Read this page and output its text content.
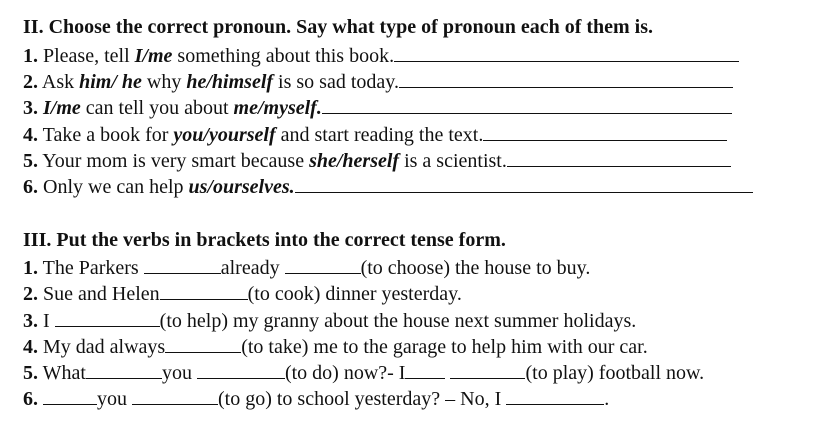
II. Choose the correct pronoun. Say what type of pronoun each of them is.
1. Please, tell I/me something about this book.
2. Ask him/ he why he/himself is so sad today.
3. I/me can tell you about me/myself.
4. Take a book for you/yourself and start reading the text.
5. Your mom is very smart because she/herself is a scientist.
6. Only we can help us/ourselves.
III. Put the verbs in brackets into the correct tense form.
1. The Parkers	already	(to choose) the house to buy.
2. Sue and Helen	(to cook) dinner yesterday.
3. I	(to help) my granny about the house next summer holidays.
4. My dad always	(to take) me to the garage to help him with our car.
5. What	you	(to do) now?- I	(to play) football now.
6.	you	(to go) to school yesterday? – No, I	.
